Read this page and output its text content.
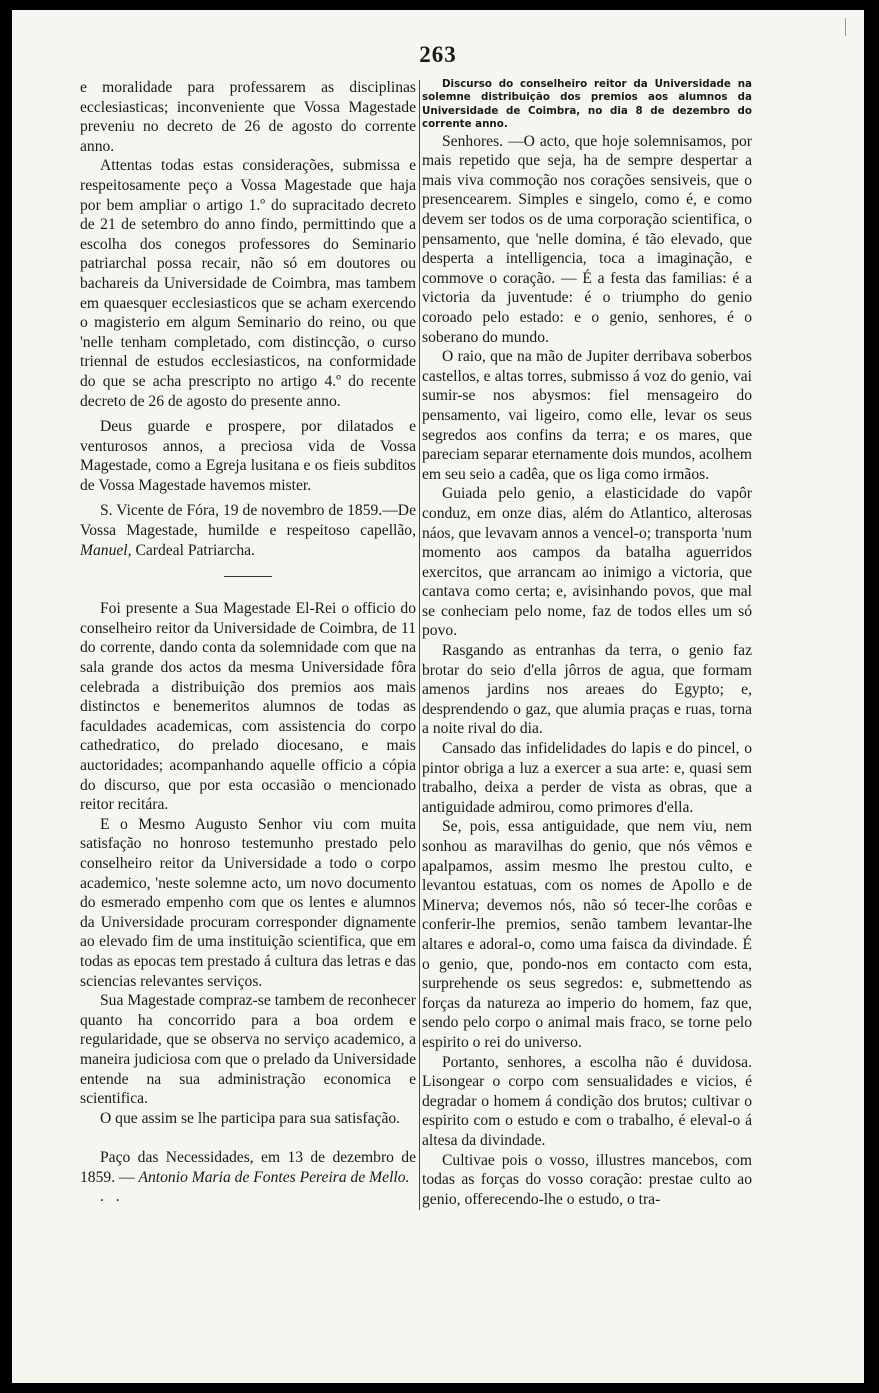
263

e moralidade para professarem as disciplinas ecclesiasticas; inconveniente que Vossa Magestade preveniu no decreto de 26 de agosto do corrente anno.

Attentas todas estas considerações, submissa e respeitosamente peço a Vossa Magestade que haja por bem ampliar o artigo 1.º do supracitado decreto de 21 de setembro do anno findo, permittindo que a escolha dos conegos professores do Seminario patriarchal possa recair, não só em doutores ou bachareis da Universidade de Coimbra, mas tambem em quaesquer ecclesiasticos que se acham exercendo o magisterio em algum Seminario do reino, ou que 'nelle tenham completado, com distincção, o curso triennal de estudos ecclesiasticos, na conformidade do que se acha prescripto no artigo 4.º do recente decreto de 26 de agosto do presente anno.

Deus guarde e prospere, por dilatados e venturosos annos, a preciosa vida de Vossa Magestade, como a Egreja lusitana e os fieis subditos de Vossa Magestade havemos mister.

S. Vicente de Fóra, 19 de novembro de 1859.—De Vossa Magestade, humilde e respeitoso capellão, Manuel, Cardeal Patriarcha.

Foi presente a Sua Magestade El-Rei o officio do conselheiro reitor da Universidade de Coimbra, de 11 do corrente, dando conta da solemnidade com que na sala grande dos actos da mesma Universidade fôra celebrada a distribuição dos premios aos mais distinctos e benemeritos alumnos de todas as faculdades academicas, com assistencia do corpo cathedratico, do prelado diocesano, e mais auctoridades; acompanhando aquelle officio a cópia do discurso, que por esta occasião o mencionado reitor recitára.

E o Mesmo Augusto Senhor viu com muita satisfação no honroso testemunho prestado pelo conselheiro reitor da Universidade a todo o corpo academico, 'neste solemne acto, um novo documento do esmerado empenho com que os lentes e alumnos da Universidade procuram corresponder dignamente ao elevado fim de uma instituição scientifica, que em todas as epocas tem prestado á cultura das letras e das sciencias relevantes serviços.

Sua Magestade compraz-se tambem de reconhecer quanto ha concorrido para a boa ordem e regularidade, que se observa no serviço academico, a maneira judiciosa com que o prelado da Universidade entende na sua administração economica e scientifica.

O que assim se lhe participa para sua satisfação.

Paço das Necessidades, em 13 de dezembro de 1859. — Antonio Maria de Fontes Pereira de Mello.

. .

Discurso do conselheiro reitor da Universidade na solemne distribuição dos premios aos alumnos da Universidade de Coimbra, no dia 8 de dezembro do corrente anno.

Senhores. —O acto, que hoje solemnisamos, por mais repetido que seja, ha de sempre despertar a mais viva commoção nos corações sensiveis, que o presencearem. Simples e singelo, como é, e como devem ser todos os de uma corporação scientifica, o pensamento, que 'nelle domina, é tão elevado, que desperta a intelligencia, toca a imaginação, e commove o coração. — É a festa das familias: é a victoria da juventude: é o triumpho do genio coroado pelo estado: e o genio, senhores, é o soberano do mundo.

O raio, que na mão de Jupiter derribava soberbos castellos, e altas torres, submisso á voz do genio, vai sumir-se nos abysmos: fiel mensageiro do pensamento, vai ligeiro, como elle, levar os seus segredos aos confins da terra; e os mares, que pareciam separar eternamente dois mundos, acolhem em seu seio a cadêa, que os liga como irmãos.

Guiada pelo genio, a elasticidade do vapôr conduz, em onze dias, além do Atlantico, alterosas náos, que levavam annos a vencel-o; transporta 'num momento aos campos da batalha aguerridos exercitos, que arrancam ao inimigo a victoria, que cantava como certa; e, avisinhando povos, que mal se conheciam pelo nome, faz de todos elles um só povo.

Rasgando as entranhas da terra, o genio faz brotar do seio d'ella jôrros de agua, que formam amenos jardins nos areaes do Egypto; e, desprendendo o gaz, que alumia praças e ruas, torna a noite rival do dia.

Cansado das infidelidades do lapis e do pincel, o pintor obriga a luz a exercer a sua arte: e, quasi sem trabalho, deixa a perder de vista as obras, que a antiguidade admirou, como primores d'ella.

Se, pois, essa antiguidade, que nem viu, nem sonhou as maravilhas do genio, que nós vêmos e apalpamos, assim mesmo lhe prestou culto, e levantou estatuas, com os nomes de Apollo e de Minerva; devemos nós, não só tecer-lhe corôas e conferir-lhe premios, senão tambem levantar-lhe altares e adoral-o, como uma faisca da divindade. É o genio, que, pondo-nos em contacto com esta, surprehende os seus segredos: e, submettendo as forças da natureza ao imperio do homem, faz que, sendo pelo corpo o animal mais fraco, se torne pelo espirito o rei do universo.

Portanto, senhores, a escolha não é duvidosa. Lisongear o corpo com sensualidades e vicios, é degradar o homem á condição dos brutos; cultivar o espirito com o estudo e com o trabalho, é eleval-o á altesa da divindade.

Cultivae pois o vosso, illustres mancebos, com todas as forças do vosso coração: prestae culto ao genio, offerecendo-lhe o estudo, o tra-
